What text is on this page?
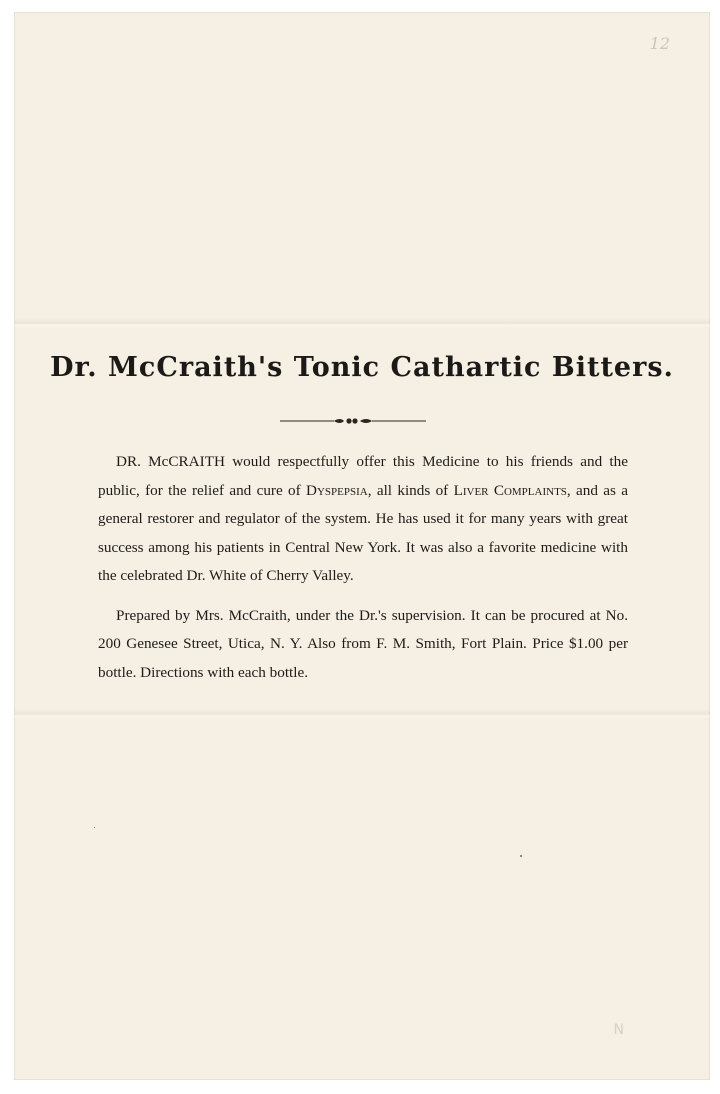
12
Dr. McCraith's Tonic Cathartic Bitters.

DR. McCRAITH would respectfully offer this Medicine to his friends and the public, for the relief and cure of Dyspepsia, all kinds of Liver Complaints, and as a general restorer and regulator of the system. He has used it for many years with great success among his patients in Central New York. It was also a favorite medicine with the celebrated Dr. White of Cherry Valley.

Prepared by Mrs. McCraith, under the Dr.'s supervision. It can be procured at No. 200 Genesee Street, Utica, N. Y. Also from F. M. Smith, Fort Plain. Price $1.00 per bottle. Directions with each bottle.

N
